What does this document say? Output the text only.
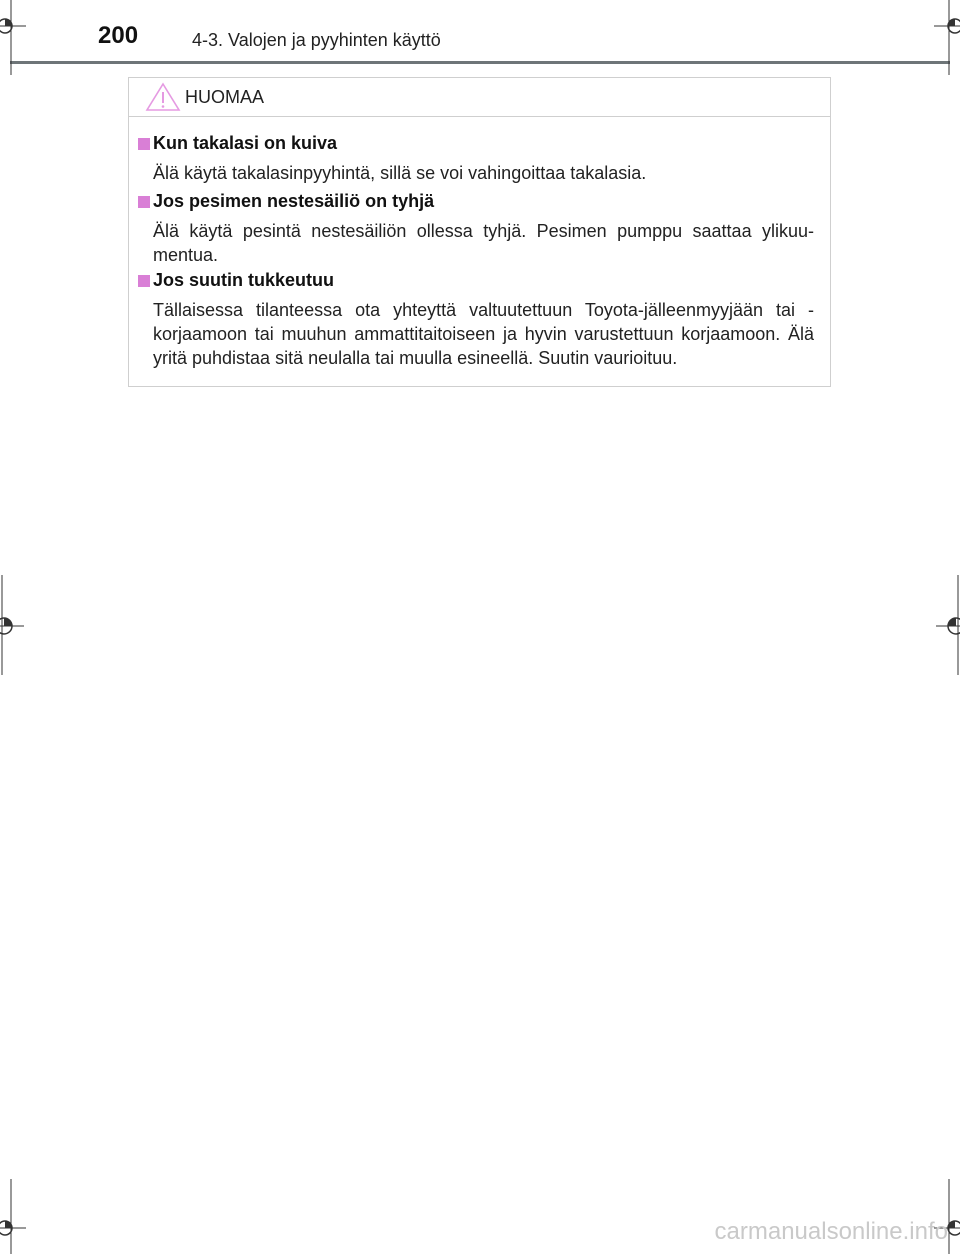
200	4-3. Valojen ja pyyhinten käyttö
HUOMAA
Kun takalasi on kuiva
Älä käytä takalasinpyyhintä, sillä se voi vahingoittaa takalasia.
Jos pesimen nestesäiliö on tyhjä
Älä käytä pesintä nestesäiliön ollessa tyhjä. Pesimen pumppu saattaa ylikuu-mentua.
Jos suutin tukkeutuu
Tällaisessa tilanteessa ota yhteyttä valtuutettuun Toyota-jälleenmyyjään tai -korjaamoon tai muuhun ammattitaitoiseen ja hyvin varustettuun korjaamoon. Älä yritä puhdistaa sitä neulalla tai muulla esineellä. Suutin vaurioituu.
carmanualsonline.info
